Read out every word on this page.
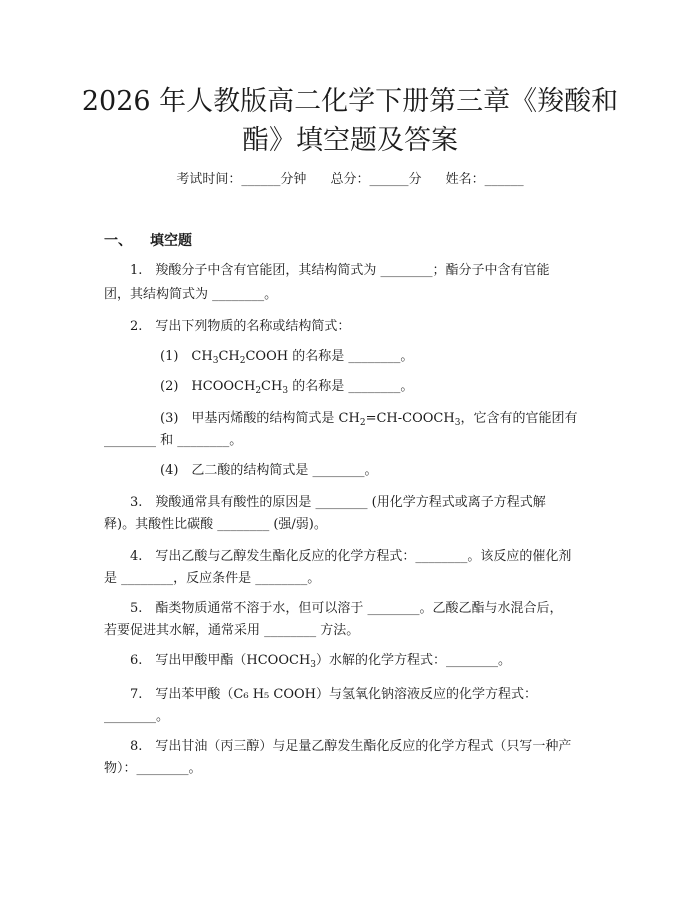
2026 年人教版高二化学下册第三章《羧酸和
酯》填空题及答案
考试时间：______分钟 总分：______分 姓名：______
一、 填空题
1.　羧酸分子中含有官能团，其结构简式为 ________；酯分子中含有官能
团，其结构简式为 ________。
2.　写出下列物质的名称或结构简式：
(1)　$CH_3CH_2COOH$ 的名称是 ________。
(2)　$HCOOCH_2CH_3$ 的名称是 ________。
(3)　甲基丙烯酸的结构简式是 $CH_2=CH-COOCH_3$，它含有的官能团有
________ 和 ________。
(4)　乙二酸的结构简式是 ________。
3.　羧酸通常具有酸性的原因是 ________ (用化学方程式或离子方程式解
释)。其酸性比碳酸 ________ (强/弱)。
4.　写出乙酸与乙醇发生酯化反应的化学方程式：________。该反应的催化剂
是 ________，反应条件是 ________。
5.　酯类物质通常不溶于水，但可以溶于 ________。乙酸乙酯与水混合后，
若要促进其水解，通常采用 ________ 方法。
6.　写出甲酸甲酯$(HCOOCH_3)$水解的化学方程式：________。
7.　写出苯甲酸（C₆ H₅ COOH）与氢氧化钠溶液反应的化学方程式：
________。
8.　写出甘油（丙三醇）与足量乙醇发生酯化反应的化学方程式（只写一种产
物）：________。
